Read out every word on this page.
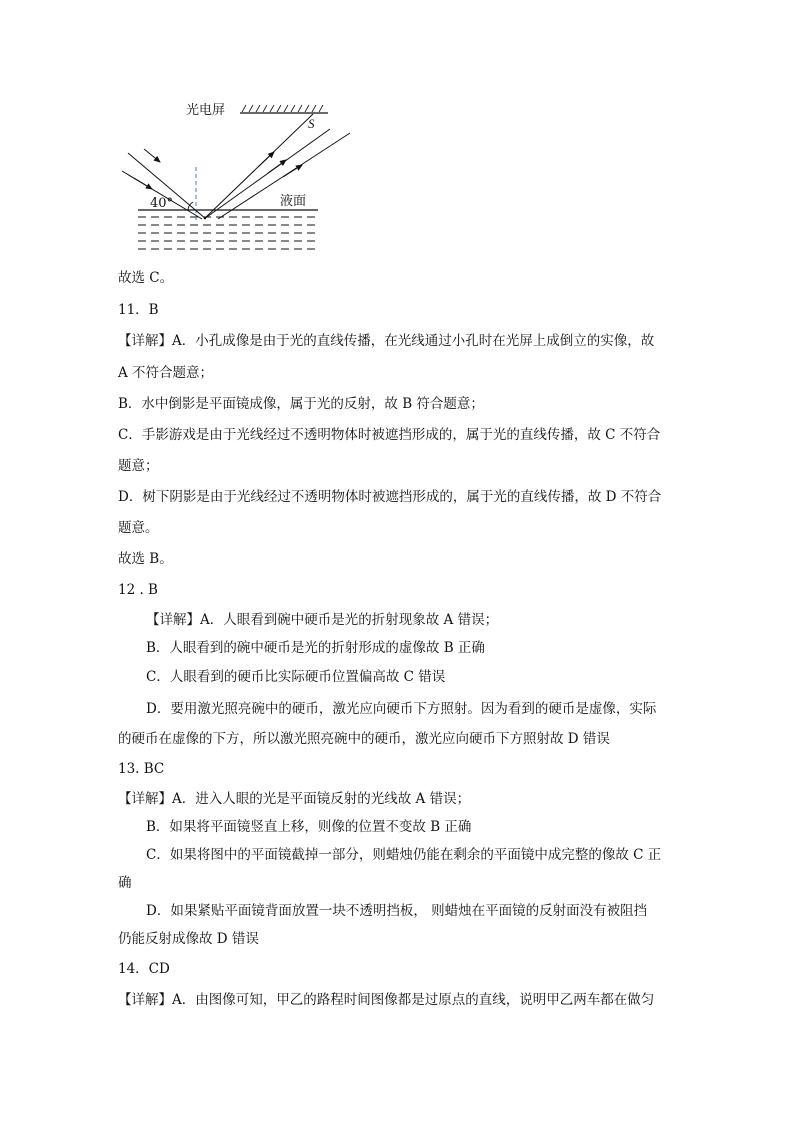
光电屏
S
液面
40°
故选 C。
11．B
【详解】A．小孔成像是由于光的直线传播，在光线通过小孔时在光屏上成倒立的实像，故
A 不符合题意；
B．水中倒影是平面镜成像，属于光的反射，故 B 符合题意；
C．手影游戏是由于光线经过不透明物体时被遮挡形成的，属于光的直线传播，故 C 不符合
题意；
D．树下阴影是由于光线经过不透明物体时被遮挡形成的，属于光的直线传播，故 D 不符合
题意。
故选 B。
12 . B
【详解】A．人眼看到碗中硬币是光的折射现象故 A 错误；
B．人眼看到的碗中硬币是光的折射形成的虚像故 B 正确
C．人眼看到的硬币比实际硬币位置偏高故 C 错误
D．要用激光照亮碗中的硬币，激光应向硬币下方照射。因为看到的硬币是虚像，实际
的硬币在虚像的下方，所以激光照亮碗中的硬币，激光应向硬币下方照射故 D 错误
13. BC
【详解】A．进入人眼的光是平面镜反射的光线故 A 错误；
B．如果将平面镜竖直上移，则像的位置不变故 B 正确
C．如果将图中的平面镜截掉一部分，则蜡烛仍能在剩余的平面镜中成完整的像故 C 正
确
D．如果紧贴平面镜背面放置一块不透明挡板， 则蜡烛在平面镜的反射面没有被阻挡
仍能反射成像故 D 错误
14．CD
【详解】A．由图像可知，甲乙的路程时间图像都是过原点的直线，说明甲乙两车都在做匀
